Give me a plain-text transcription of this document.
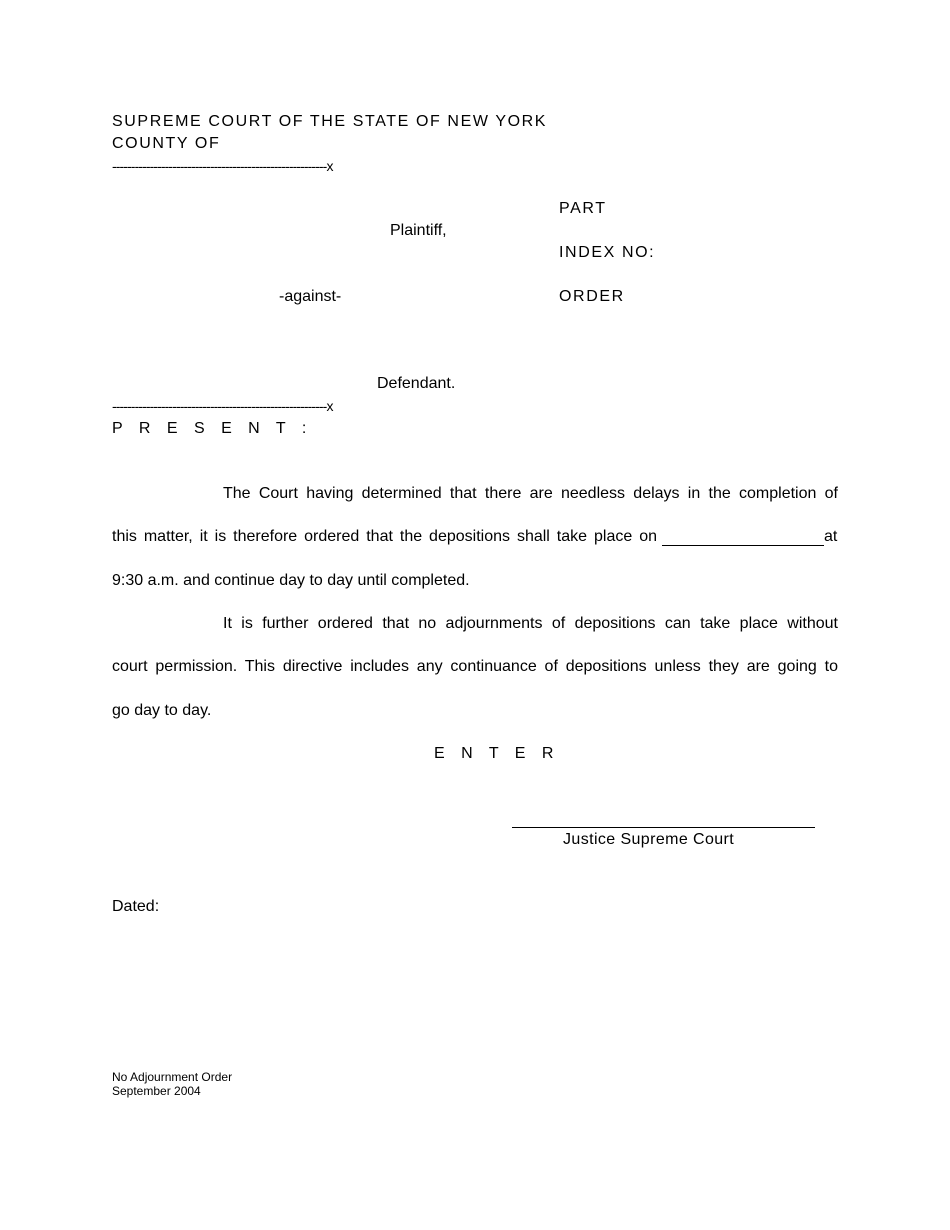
SUPREME COURT OF THE STATE OF NEW YORK
COUNTY OF
---------------------------------------------------------x
PART
Plaintiff,
INDEX NO:
-against-	ORDER
Defendant.
---------------------------------------------------------x
P R E S E N T :
The Court having determined that there are needless delays in the completion of
this matter, it is therefore ordered that the depositions shall take place on	at
9:30 a.m. and continue day to day until completed.
It is further ordered that no adjournments of depositions can take place without
court permission. This directive includes any continuance of depositions unless they are going to
go day to day.
E N T E R
Justice Supreme Court
Dated:
No Adjournment Order
September 2004
